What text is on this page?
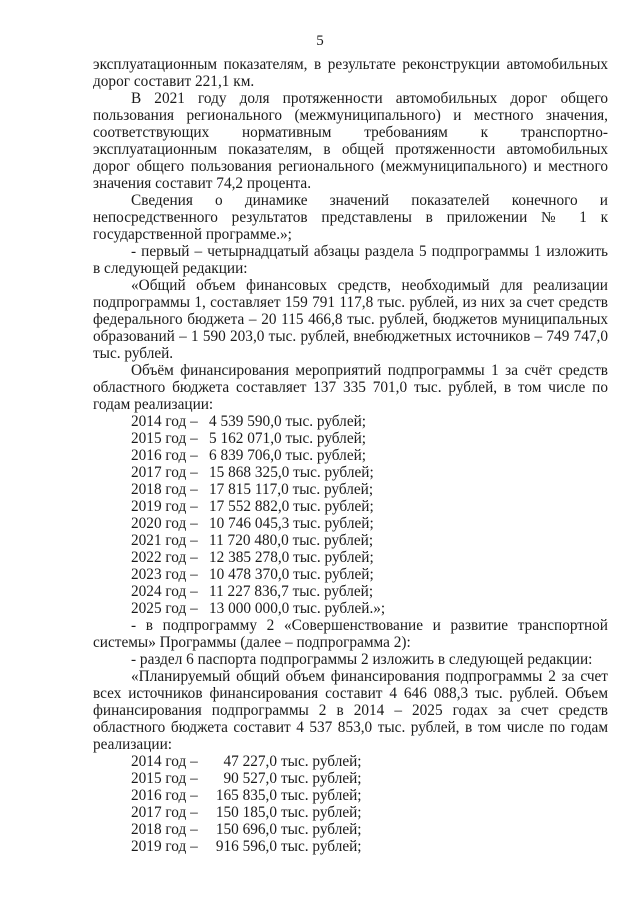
5

эксплуатационным показателям, в результате реконструкции автомобильных дорог составит 221,1 км.

В 2021 году доля протяженности автомобильных дорог общего пользования регионального (межмуниципального) и местного значения, соответствующих нормативным требованиям к транспортно-эксплуатационным показателям, в общей протяженности автомобильных дорог общего пользования регионального (межмуниципального) и местного значения составит 74,2 процента.

Сведения о динамике значений показателей конечного и непосредственного результатов представлены в приложении № 1 к государственной программе.»;

- первый – четырнадцатый абзацы раздела 5 подпрограммы 1 изложить в следующей редакции:

«Общий объем финансовых средств, необходимый для реализации подпрограммы 1, составляет 159 791 117,8 тыс. рублей, из них за счет средств федерального бюджета – 20 115 466,8 тыс. рублей, бюджетов муниципальных образований – 1 590 203,0 тыс. рублей, внебюджетных источников – 749 747,0 тыс. рублей.

Объём финансирования мероприятий подпрограммы 1 за счёт средств областного бюджета составляет 137 335 701,0 тыс. рублей, в том числе по годам реализации:

2014 год – 4 539 590,0 тыс. рублей;
2015 год – 5 162 071,0 тыс. рублей;
2016 год – 6 839 706,0 тыс. рублей;
2017 год – 15 868 325,0 тыс. рублей;
2018 год – 17 815 117,0 тыс. рублей;
2019 год – 17 552 882,0 тыс. рублей;
2020 год – 10 746 045,3 тыс. рублей;
2021 год – 11 720 480,0 тыс. рублей;
2022 год – 12 385 278,0 тыс. рублей;
2023 год – 10 478 370,0 тыс. рублей;
2024 год – 11 227 836,7 тыс. рублей;
2025 год – 13 000 000,0 тыс. рублей.»;

- в подпрограмму 2 «Совершенствование и развитие транспортной системы» Программы (далее – подпрограмма 2):

- раздел 6 паспорта подпрограммы 2 изложить в следующей редакции:

«Планируемый общий объем финансирования подпрограммы 2 за счет всех источников финансирования составит 4 646 088,3 тыс. рублей. Объем финансирования подпрограммы 2 в 2014 – 2025 годах за счет средств областного бюджета составит 4 537 853,0 тыс. рублей, в том числе по годам реализации:

2014 год –	47 227,0 тыс. рублей;
2015 год –	90 527,0 тыс. рублей;
2016 год –	165 835,0 тыс. рублей;
2017 год –	150 185,0 тыс. рублей;
2018 год –	150 696,0 тыс. рублей;
2019 год –	916 596,0 тыс. рублей;
